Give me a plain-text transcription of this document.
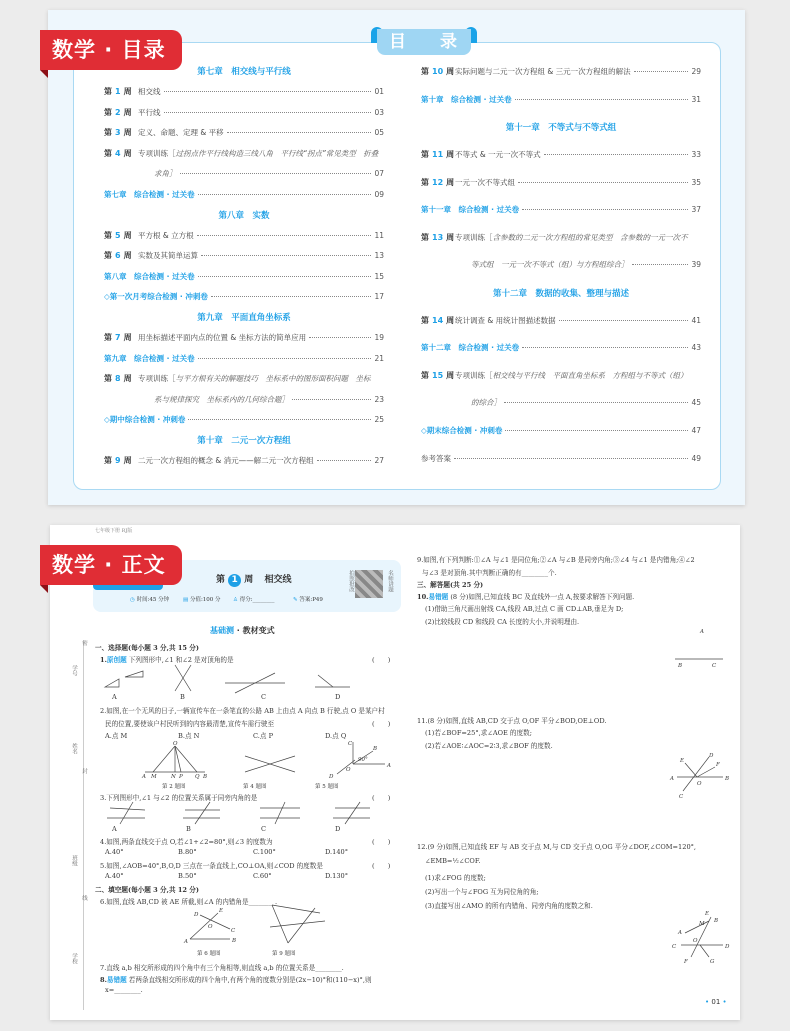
目 录
第七章　相交线与平行线
第 1 周 相交线	01
第 2 周 平行线	03
第 3 周 定义、命题、定理 & 平移	05
第 4 周 专项训练［ 过拐点作平行线构造三线八角　平行线“拐点”常见类型　折叠
求角］	07
第七章　综合检测 · 过关卷	09
第八章　实数
第 5 周 平方根 & 立方根	11
第 6 周 实数及其简单运算	13
第八章　综合检测 · 过关卷	15
◇ 第一次月考综合检测 · 冲刺卷	17
第九章　平面直角坐标系
第 7 周 用坐标描述平面内点的位置 & 坐标方法的简单应用	19
第九章　综合检测 · 过关卷	21
第 8 周 专项训练［ 与平方根有关的解题技巧　坐标系中的图形面积问题　坐标
系与规律探究　坐标系内的几何综合题］	23
◇ 期中综合检测 · 冲刺卷	25
第十章　二元一次方程组
第 9 周 二元一次方程组的概念 & 消元——解二元一次方程组	27
第 10 周 实际问题与二元一次方程组 & 三元一次方程组的解法	29
第十章　综合检测 · 过关卷	31
第十一章　不等式与不等式组
第 11 周 不等式 & 一元一次不等式	33
第 12 周 一元一次不等式组	35
第十一章　综合检测 · 过关卷	37
第 13 周 专项训练［ 含参数的二元一次方程组的常见类型　含参数的一元一次不
等式组　一元一次不等式（组）与方程组综合］	39
第十二章　数据的收集、整理与描述
第 14 周 统计调查 & 用统计图描述数据	41
第十二章　综合检测 · 过关卷	43
第 15 周 专项训练［ 相交线与平行线　平面直角坐标系　方程组与不等式（组）
的综合］	45
◇ 期末综合检测 · 冲刺卷	47
参考答案	49
数学 · 目录
七年级下册 RJ版
第 1 周 相交线
◷ 时间:45 分钟	▤ 分值:100 分 ♙ 得分:________	✎ 答案:P49
拍照批改	名师讲题
基础测 · 教材变式
学号
姓名
班级
学校
密
封
线
一、选择题(每小题 3 分,共 15 分)
1.原创题 下列图形中,∠1 和∠2 是对顶角的是	(　　)
A	B	C	D
2.如图,在一个无风的日子,一辆宣传车在一条笔直的公路 AB 上由点 A 向点 B 行驶,点 O 是某户村
民的位置,要使该户村民听到的内容最清楚,宣传车需行驶至	(　　)
A.点 M	B.点 N	C.点 P	D.点 Q
O
A M	N P Q B
C
B
90°
O
A
D
第 2 题图	第 4 题图	第 5 题图
3.下列图形中,∠1 与∠2 的位置关系属于同旁内角的是	(　　)
A	B	C	D
4.如图,两条直线交于点 O,若∠1+∠2=80°,则∠3 的度数为	(　　)
A.40°	B.80°	C.100°	D.140°
5.如图,∠AOB=40°,B,O,D 三点在一条直线上,CO⊥OA,则∠COD 的度数是	(　　)
A.40°	B.50°	C.60°	D.130°
二、填空题(每小题 3 分,共 12 分)
6.如图,直线 AB,CD 被 AE 所截,则∠A 的内错角是________.
D
E
O
C
A	B
第 6 题图	第 9 题图
7.直线 a,b 相交所形成的四个角中有三个角相等,则直线 a,b 的位置关系是________.
8.易错题 若两条直线相交所形成的四个角中,有两个角的度数分别是(2x−10)°和(110−x)°,则
x=________.
9.如图,有下列判断:①∠A 与∠1 是同位角;②∠A 与∠B 是同旁内角;③∠4 与∠1 是内错角;④∠2
与∠3 是对顶角.其中判断正确的有________个.
三、解答题(共 25 分)
10.易错题 (8 分)如图,已知直线 BC 及直线外一点 A,按要求解答下列问题.
(1)借助三角尺画出射线 CA,线段 AB,过点 C 画 CD⊥AB,垂足为 D;
(2)比较线段 CD 和线段 CA 长度的大小,并说明理由.
A
B	C
11.(8 分)如图,直线 AB,CD 交于点 O,OF 平分∠BOD,OE⊥OD.
(1)若∠BOF=25°,求∠AOE 的度数;
(2)若∠AOE∶∠AOC=2∶3,求∠BOF 的度数.
E
D
F
A
O
B
C
12.(9 分)如图,已知直线 EF 与 AB 交于点 M,与 CD 交于点 O,OG 平分∠DOF,∠COM=120°,
∠EMB=½∠COF.
(1)求∠FOG 的度数;
(2)写出一个与∠FOG 互为同位角的角;
(3)直接写出∠AMO 的所有内错角、同旁内角的度数之和.
E
B
M
A
O
C	D
F	G
• 01 •
数学 · 正文
